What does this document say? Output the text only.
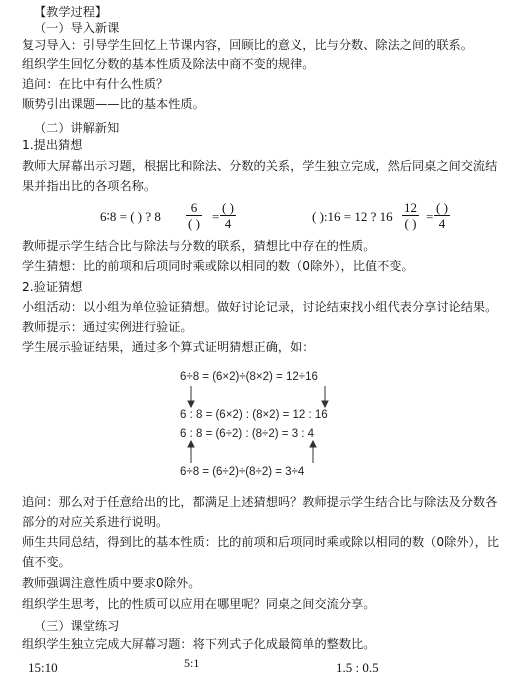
【教学过程】
（一）导入新课
复习导入：引导学生回忆上节课内容，回顾比的意义，比与分数、除法之间的联系。
组织学生回忆分数的基本性质及除法中商不变的规律。
追问：在比中有什么性质？
顺势引出课题——比的基本性质。
（二）讲解新知
1.提出猜想
教师大屏幕出示习题，根据比和除法、分数的关系，学生独立完成，然后同桌之间交流结果并指出比的各项名称。
6∶8 = ( ) ? 8
6
( ) =
( )
4	( ):16 = 12 ? 16
12
( ) =
( )
4
教师提示学生结合比与除法与分数的联系，猜想比中存在的性质。
学生猜想：比的前项和后项同时乘或除以相同的数（0除外），比值不变。
2.验证猜想
小组活动：以小组为单位验证猜想。做好讨论记录，讨论结束找小组代表分享讨论结果。
教师提示：通过实例进行验证。
学生展示验证结果，通过多个算式证明猜想正确，如：
6÷8 = (6×2)÷(8×2) = 12÷16
6 : 8 = (6×2) : (8×2) = 12 : 16
6 : 8 = (6÷2) : (8÷2) = 3 : 4
6÷8 = (6÷2)÷(8÷2) = 3÷4
追问：那么对于任意给出的比，都满足上述猜想吗？教师提示学生结合比与除法及分数各部分的对应关系进行说明。
师生共同总结，得到比的基本性质：比的前项和后项同时乘或除以相同的数（0除外），比值不变。
教师强调注意性质中要求0除外。
组织学生思考，比的性质可以应用在哪里呢？同桌之间交流分享。
（三）课堂练习
组织学生独立完成大屏幕习题：将下列式子化成最简单的整数比。
15:10	5:1	1.5 : 0.5
